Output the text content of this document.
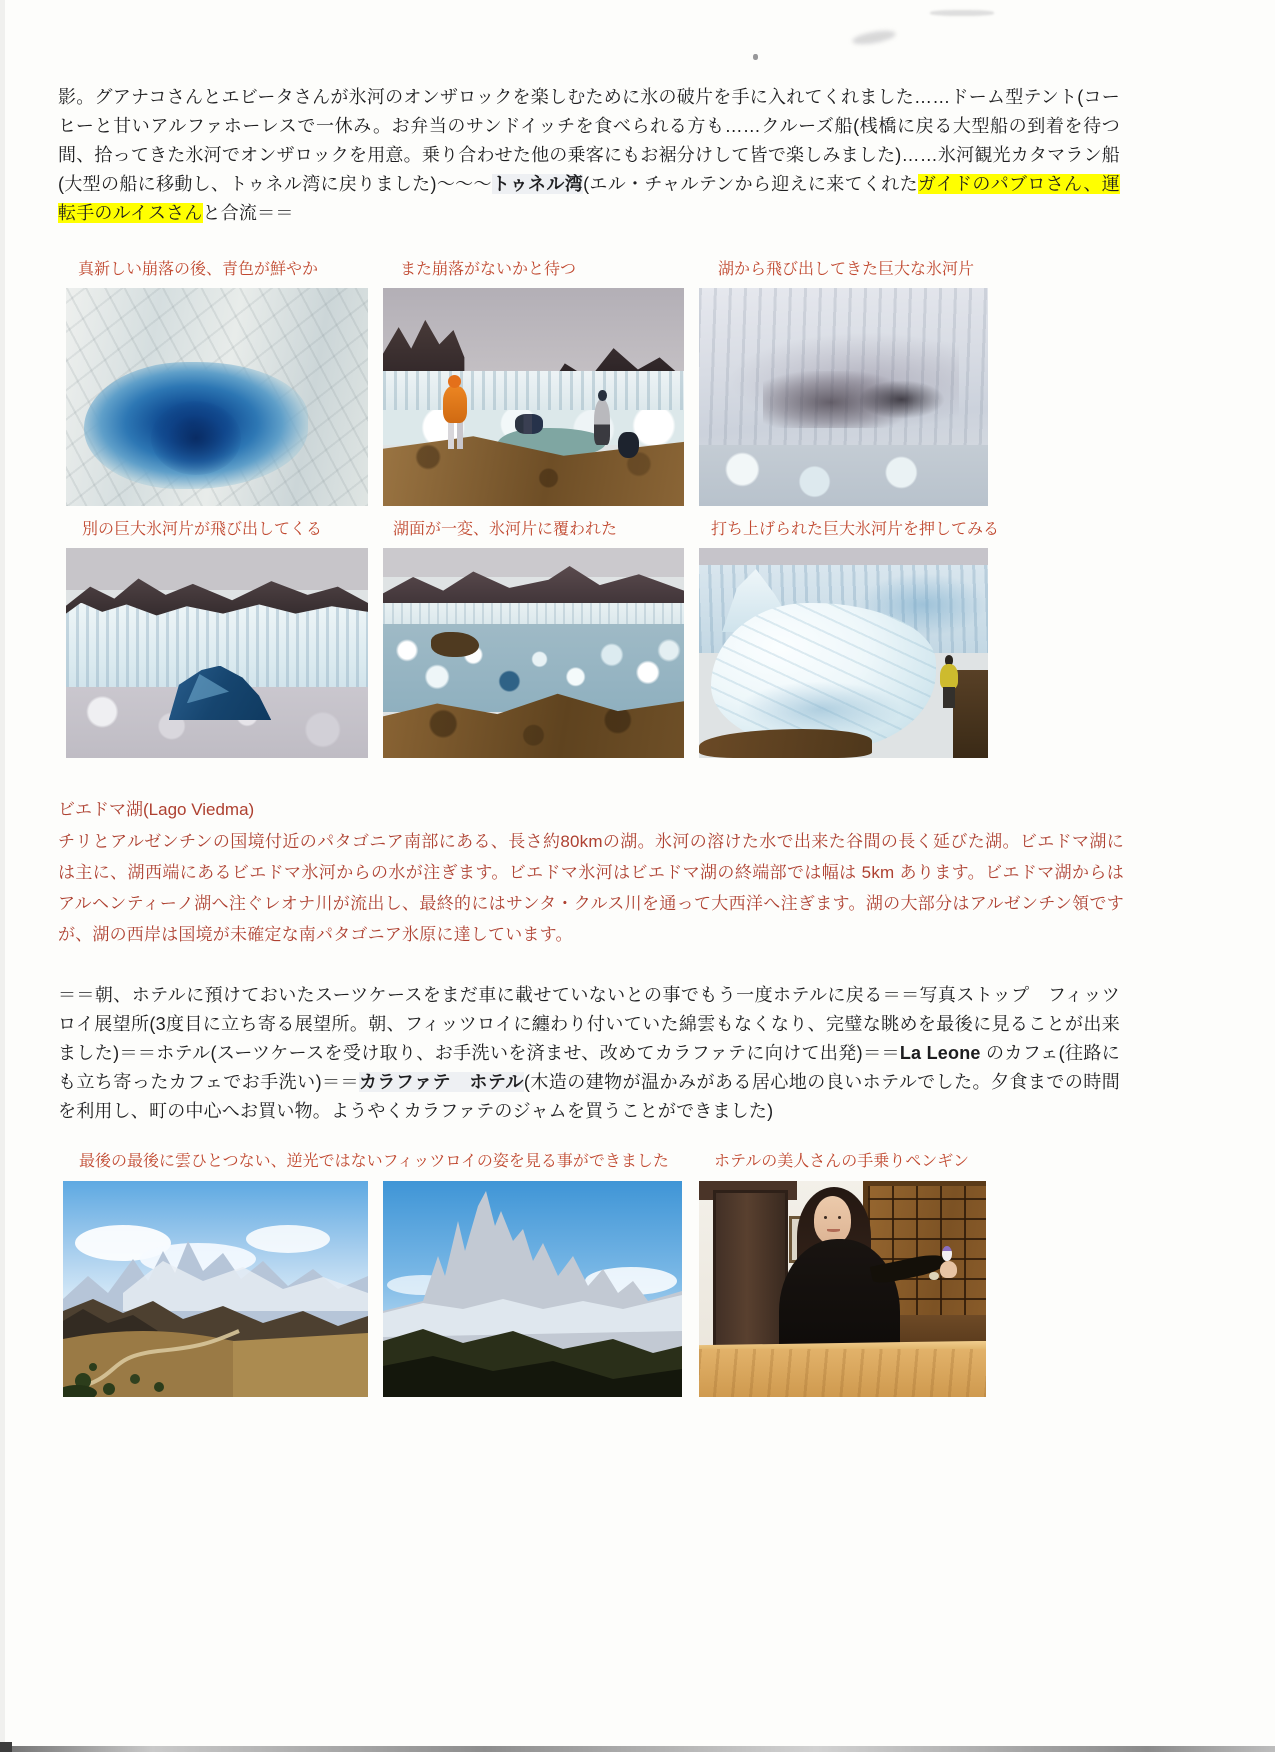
影。グアナコさんとエビータさんが氷河のオンザロックを楽しむために氷の破片を手に入れてくれました……ドーム型テント(コーヒーと甘いアルファホーレスで一休み。お弁当のサンドイッチを食べられる方も……クルーズ船(桟橋に戻る大型船の到着を待つ間、拾ってきた氷河でオンザロックを用意。乗り合わせた他の乗客にもお裾分けして皆で楽しみました)……氷河観光カタマラン船(大型の船に移動し、トゥネル湾に戻りました)～～～トゥネル湾(エル・チャルテンから迎えに来てくれたガイドのパブロさん、運転手のルイスさんと合流＝＝

真新しい崩落の後、青色が鮮やか	また崩落がないかと待つ	湖から飛び出してきた巨大な氷河片
別の巨大氷河片が飛び出してくる	湖面が一変、氷河片に覆われた	打ち上げられた巨大氷河片を押してみる
ビエドマ湖(Lago Viedma)
チリとアルゼンチンの国境付近のパタゴニア南部にある、長さ約80kmの湖。氷河の溶けた水で出来た谷間の長く延びた湖。ビエドマ湖には主に、湖西端にあるビエドマ氷河からの水が注ぎます。ビエドマ氷河はビエドマ湖の終端部では幅は 5km あります。ビエドマ湖からはアルヘンティーノ湖へ注ぐレオナ川が流出し、最終的にはサンタ・クルス川を通って大西洋へ注ぎます。湖の大部分はアルゼンチン領ですが、湖の西岸は国境が未確定な南パタゴニア氷原に達しています。

＝＝朝、ホテルに預けておいたスーツケースをまだ車に載せていないとの事でもう一度ホテルに戻る＝＝写真ストップ　フィッツロイ展望所(3度目に立ち寄る展望所。朝、フィッツロイに纏わり付いていた綿雲もなくなり、完璧な眺めを最後に見ることが出来ました)＝＝ホテル(スーツケースを受け取り、お手洗いを済ませ、改めてカラファテに向けて出発)＝＝La Leone のカフェ(往路にも立ち寄ったカフェでお手洗い)＝＝カラファテ　ホテル(木造の建物が温かみがある居心地の良いホテルでした。夕食までの時間を利用し、町の中心へお買い物。ようやくカラファテのジャムを買うことができました)

最後の最後に雲ひとつない、逆光ではないフィッツロイの姿を見る事ができました	ホテルの美人さんの手乗りペンギン
